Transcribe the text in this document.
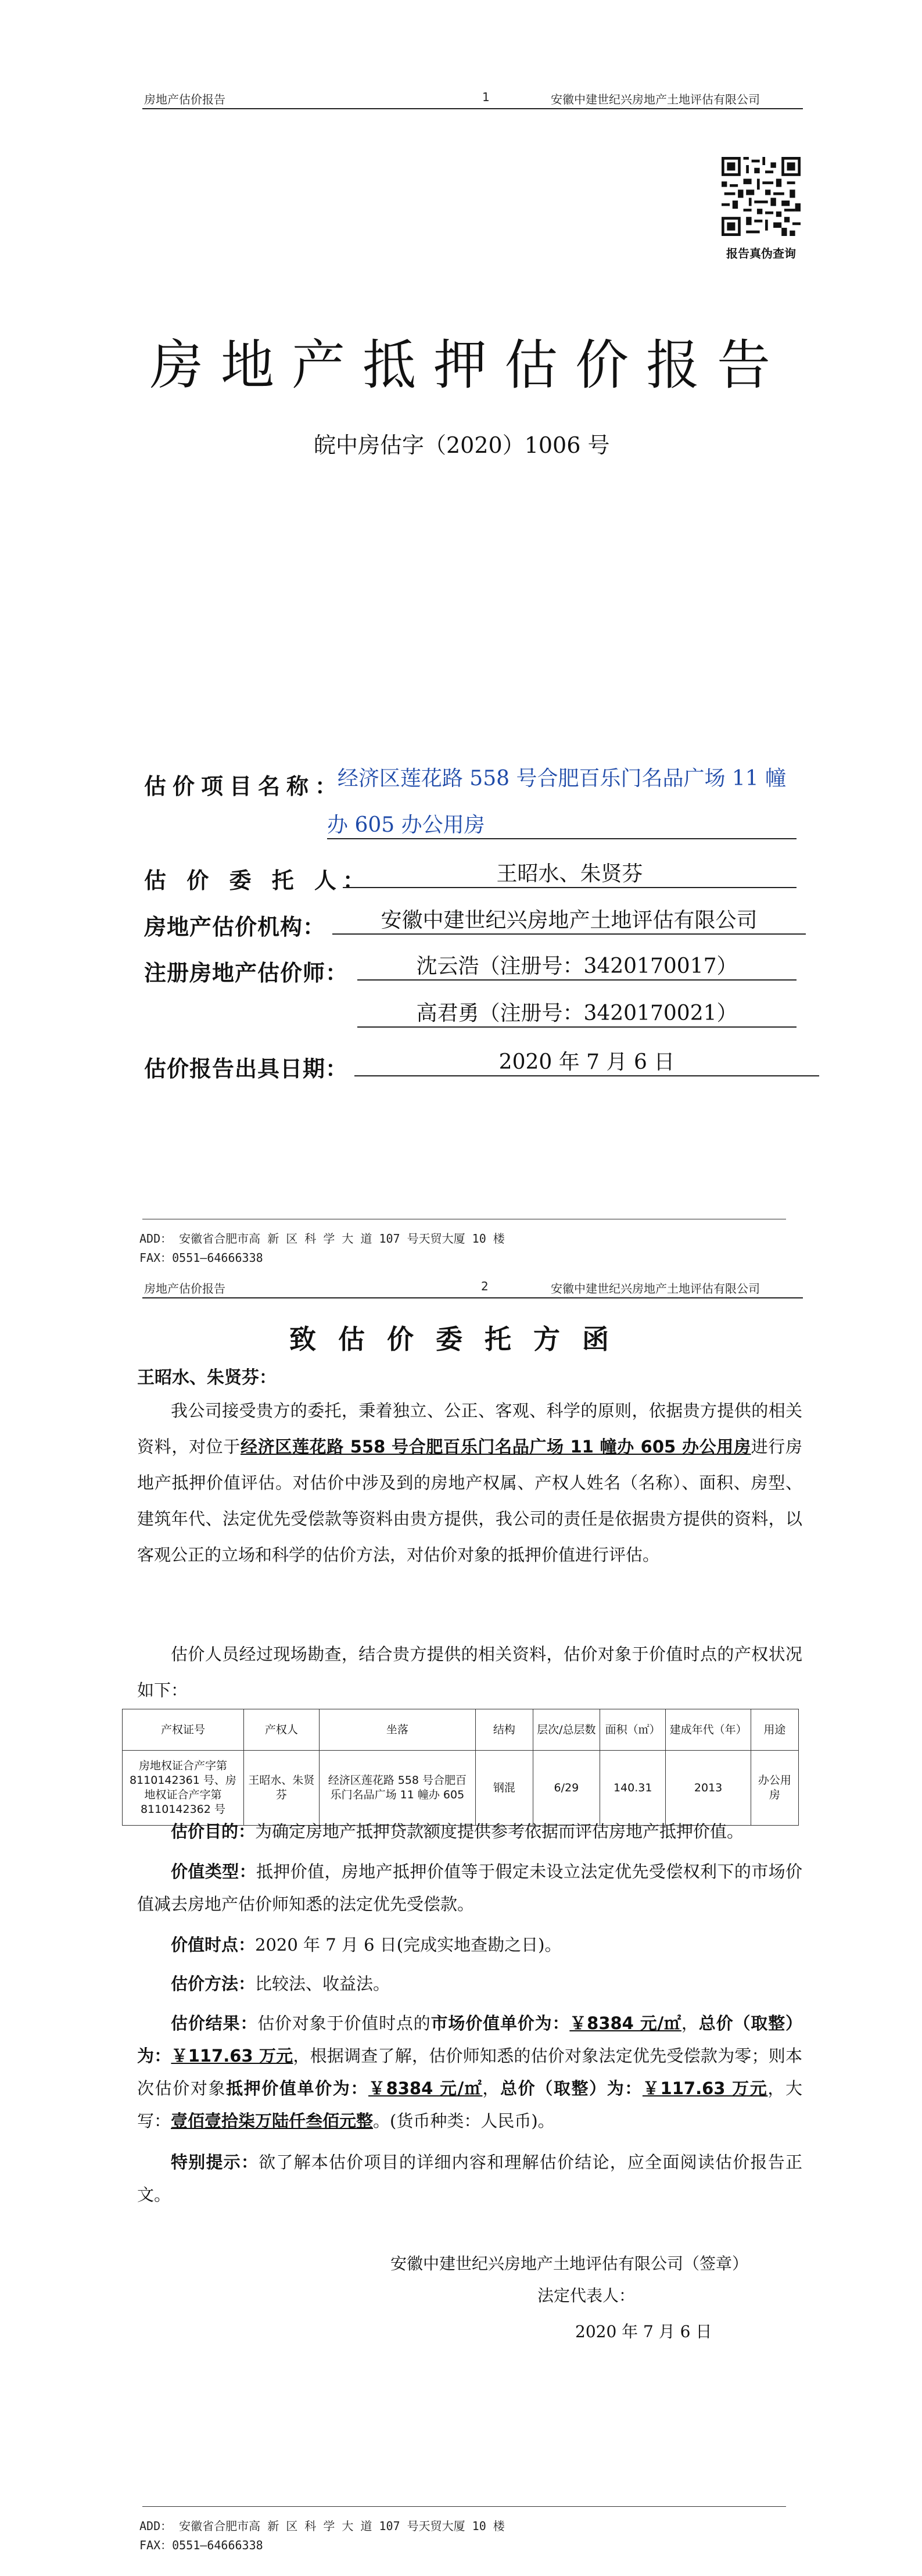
房地产估价报告	1	安徽中建世纪兴房地产土地评估有限公司
报告真伪查询
房地产抵押估价报告
皖中房估字（2020）1006 号
估价项目名称：
经济区莲花路 558 号合肥百乐门名品广场 11 幢
办 605 办公用房
估 价 委 托 人：	王昭水、朱贤芬
房地产估价机构：	安徽中建世纪兴房地产土地评估有限公司
注册房地产估价师：	沈云浩（注册号：3420170017）
高君勇（注册号：3420170021）
估价报告出具日期：	2020 年 7 月 6 日
ADD： 安徽省合肥市高 新 区 科 学 大 道 107 号天贸大厦 10 楼
FAX：0551—64666338
房地产估价报告	2	安徽中建世纪兴房地产土地评估有限公司
致估价委托方函
王昭水、朱贤芬：
我公司接受贵方的委托，秉着独立、公正、客观、科学的原则，依据贵方提供的相关资料，对位于经济区莲花路 558 号合肥百乐门名品广场 11 幢办 605 办公用房进行房地产抵押价值评估。对估价中涉及到的房地产权属、产权人姓名（名称）、面积、房型、建筑年代、法定优先受偿款等资料由贵方提供，我公司的责任是依据贵方提供的资料，以客观公正的立场和科学的估价方法，对估价对象的抵押价值进行评估。
估价人员经过现场勘查，结合贵方提供的相关资料，估价对象于价值时点的产权状况如下：
产权证号	产权人	坐落	结构	层次/总层数	面积（㎡）	建成年代（年）	用途
房地权证合产字第 8110142361 号、房地权证合产字第 8110142362 号	王昭水、朱贤芬	经济区莲花路 558 号合肥百乐门名品广场 11 幢办 605	钢混	6/29	140.31	2013	办公用房
估价目的：为确定房地产抵押贷款额度提供参考依据而评估房地产抵押价值。
价值类型：抵押价值，房地产抵押价值等于假定未设立法定优先受偿权利下的市场价值减去房地产估价师知悉的法定优先受偿款。
价值时点：2020 年 7 月 6 日(完成实地查勘之日)。
估价方法：比较法、收益法。
估价结果：估价对象于价值时点的市场价值单价为：￥8384 元/㎡，总价（取整）为：￥117.63 万元，根据调查了解，估价师知悉的估价对象法定优先受偿款为零；则本次估价对象抵押价值单价为：￥8384 元/㎡，总价（取整）为：￥117.63 万元，大写：壹佰壹拾柒万陆仟叁佰元整。(货币种类：人民币)。
特别提示：欲了解本估价项目的详细内容和理解估价结论，应全面阅读估价报告正文。
安徽中建世纪兴房地产土地评估有限公司（签章）
法定代表人：
2020 年 7 月 6 日
ADD： 安徽省合肥市高 新 区 科 学 大 道 107 号天贸大厦 10 楼
FAX：0551—64666338
